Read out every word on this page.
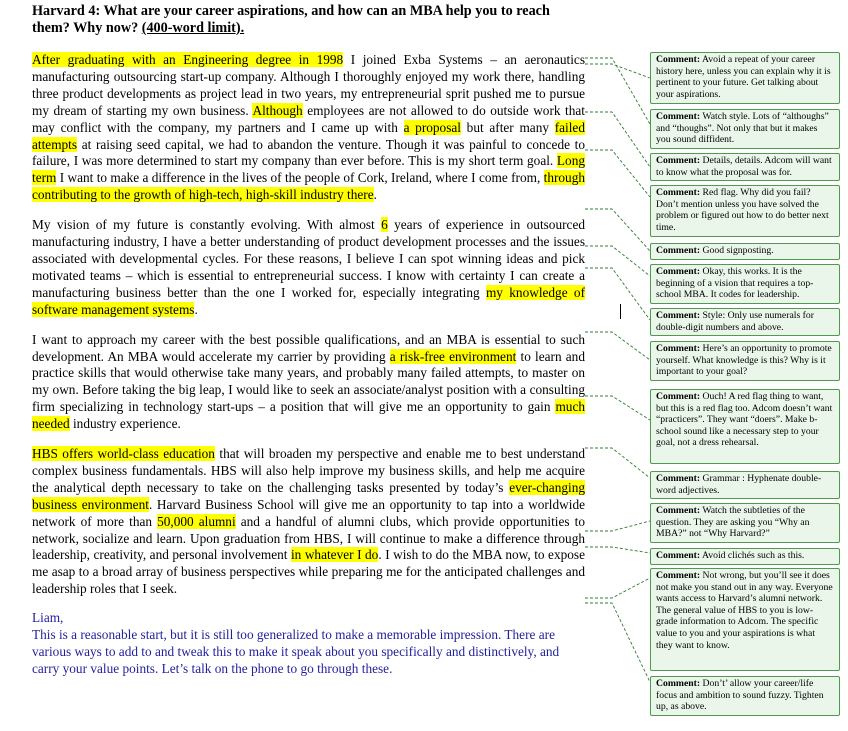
Harvard 4: What are your career aspirations, and how can an MBA help you to reach them? Why now? (400-word limit).

After graduating with an Engineering degree in 1998 I joined Exba Systems – an aeronautics manufacturing outsourcing start-up company. Although I thoroughly enjoyed my work there, handling three product developments as project lead in two years, my entrepreneurial sprit pushed me to pursue my dream of starting my own business. Although employees are not allowed to do outside work that may conflict with the company, my partners and I came up with a proposal but after many failed attempts at raising seed capital, we had to abandon the venture. Though it was painful to concede to failure, I was more determined to start my company than ever before. This is my short term goal. Long term I want to make a difference in the lives of the people of Cork, Ireland, where I come from, through contributing to the growth of high-tech, high-skill industry there.

My vision of my future is constantly evolving. With almost 6 years of experience in outsourced manufacturing industry, I have a better understanding of product development processes and the issues associated with developmental cycles. For these reasons, I believe I can spot winning ideas and pick motivated teams – which is essential to entrepreneurial success. I know with certainty I can create a manufacturing business better than the one I worked for, especially integrating my knowledge of software management systems.

I want to approach my career with the best possible qualifications, and an MBA is essential to such development. An MBA would accelerate my carrier by providing a risk-free environment to learn and practice skills that would otherwise take many years, and probably many failed attempts, to master on my own. Before taking the big leap, I would like to seek an associate/analyst position with a consulting firm specializing in technology start-ups – a position that will give me an opportunity to gain much needed industry experience.

HBS offers world-class education that will broaden my perspective and enable me to best understand complex business fundamentals. HBS will also help improve my business skills, and help me acquire the analytical depth necessary to take on the challenging tasks presented by today’s ever-changing business environment. Harvard Business School will give me an opportunity to tap into a worldwide network of more than 50,000 alumni and a handful of alumni clubs, which provide opportunities to network, socialize and learn. Upon graduation from HBS, I will continue to make a difference through leadership, creativity, and personal involvement in whatever I do. I wish to do the MBA now, to expose me asap to a broad array of business perspectives while preparing me for the anticipated challenges and leadership roles that I seek.

Liam,
This is a reasonable start, but it is still too generalized to make a memorable impression. There are various ways to add to and tweak this to make it speak about you specifically and distinctively, and carry your value points. Let’s talk on the phone to go through these.
Comment: Avoid a repeat of your career history here, unless you can explain why it is pertinent to your future. Get talking about your aspirations.
Comment: Watch style. Lots of “althoughs” and “thoughs”. Not only that but it makes you sound diffident.
Comment: Details, details. Adcom will want to know what the proposal was for.
Comment: Red flag. Why did you fail? Don’t mention unless you have solved the problem or figured out how to do better next time.
Comment: Good signposting.
Comment: Okay, this works. It is the beginning of a vision that requires a top-school MBA. It codes for leadership.
Comment: Style: Only use numerals for double-digit numbers and above.
Comment: Here’s an opportunity to promote yourself. What knowledge is this? Why is it important to your goal?
Comment: Ouch! A red flag thing to want, but this is a red flag too. Adcom doesn’t want “practicers”. They want “doers”. Make b-school sound like a necessary step to your goal, not a dress rehearsal.
Comment: Grammar : Hyphenate double-word adjectives.
Comment: Watch the subtleties of the question. They are asking you “Why an MBA?” not “Why Harvard?”
Comment: Avoid clichés such as this.
Comment: Not wrong, but you’ll see it does not make you stand out in any way. Everyone wants access to Harvard’s alumni network. The general value of HBS to you is low-grade information to Adcom. The specific value to you and your aspirations is what they want to know.
Comment: Don’t’ allow your career/life focus and ambition to sound fuzzy. Tighten up, as above.
